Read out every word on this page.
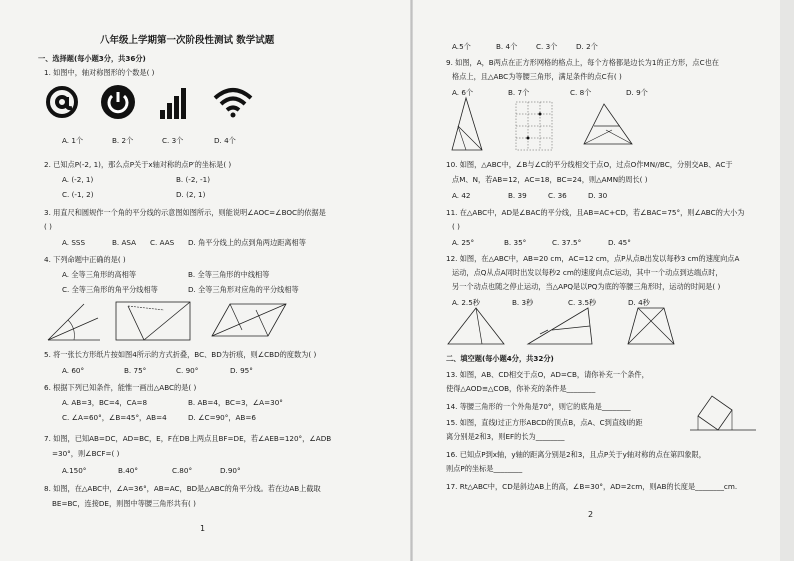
八年级上学期第一次阶段性测试 数学试题
一、选择题(每小题3分，共36分)
1. 如图中，轴对称图形的个数是( )
A. 1个	B. 2个	C. 3个	D. 4个
2. 已知点P(-2, 1)，那么点P关于x轴对称的点P′的坐标是( )
A. (-2, 1)	B. (-2, -1)
C. (-1, 2)	D. (2, 1)
3. 用直尺和圆规作一个角的平分线的示意图如图所示，则能说明∠AOC=∠BOC的依据是
( )
A. SSS	B. ASA C. AAS D. 角平分线上的点到角两边距离相等
4. 下列命题中正确的是( )
A. 全等三角形的高相等	B. 全等三角形的中线相等
C. 全等三角形的角平分线相等	D. 全等三角形对应角的平分线相等
5. 将一张长方形纸片按如图4所示的方式折叠，BC、BD为折痕，则∠CBD的度数为( )
A. 60°	B. 75°	C. 90°	D. 95°
6. 根据下列已知条件，能惟一画出△ABC的是( )
A. AB=3，BC=4，CA=8	B. AB=4，BC=3，∠A=30°
C. ∠A=60°，∠B=45°，AB=4	D. ∠C=90°，AB=6
7. 如图，已知AB=DC，AD=BC，E，F在DB上两点且BF=DE，若∠AEB=120°，∠ADB
=30°，则∠BCF=( )
A.150°	B.40°	C.80°	D.90°
8. 如图，在△ABC中，∠A=36°，AB=AC，BD是△ABC的角平分线。若在边AB上截取
BE=BC，连接DE，则图中等腰三角形共有( )
1
A.5个	B. 4个	C. 3个	D. 2个
9. 如图，A，B两点在正方形网格的格点上，每个方格都是边长为1的正方形，点C也在
格点上，且△ABC为等腰三角形，满足条件的点C有( )
A. 6个	B. 7个	C. 8个	D. 9个
10. 如图，△ABC中，∠B与∠C的平分线相交于点O，过点O作MN//BC，分别交AB、AC于
点M、N，若AB=12，AC=18，BC=24，则△AMN的周长( )
A. 42	B. 39	C. 36	D. 30
11. 在△ABC中，AD是∠BAC的平分线，且AB=AC+CD，若∠BAC=75°，则∠ABC的大小为
( )
A. 25°	B. 35°	C. 37.5°	D. 45°
12. 如图，在△ABC中，AB=20 cm，AC=12 cm，点P从点B出发以每秒3 cm的速度向点A
运动，点Q从点A同时出发以每秒2 cm的速度向点C运动，其中一个动点到达端点时，
另一个动点也随之停止运动，当△APQ是以PQ为底的等腰三角形时，运动的时间是( )
A. 2.5秒	B. 3秒	C. 3.5秒	D. 4秒
二、填空题(每小题4分，共32分)
13. 如图，AB、CD相交于点O，AD=CB，请你补充一个条件，
使得△AOD≌△COB，你补充的条件是________
14. 等腰三角形的一个外角是70°，则它的底角是________
15. 如图，直线l过正方形ABCD的顶点B，点A、C到直线l的距
离分别是2和3，则EF的长为________
16. 已知点P到x轴，y轴的距离分别是2和3，且点P关于y轴对称的点在第四象限，
则点P的坐标是________
17. Rt△ABC中，CD是斜边AB上的高，∠B=30°，AD=2cm，则AB的长度是________cm.
2
